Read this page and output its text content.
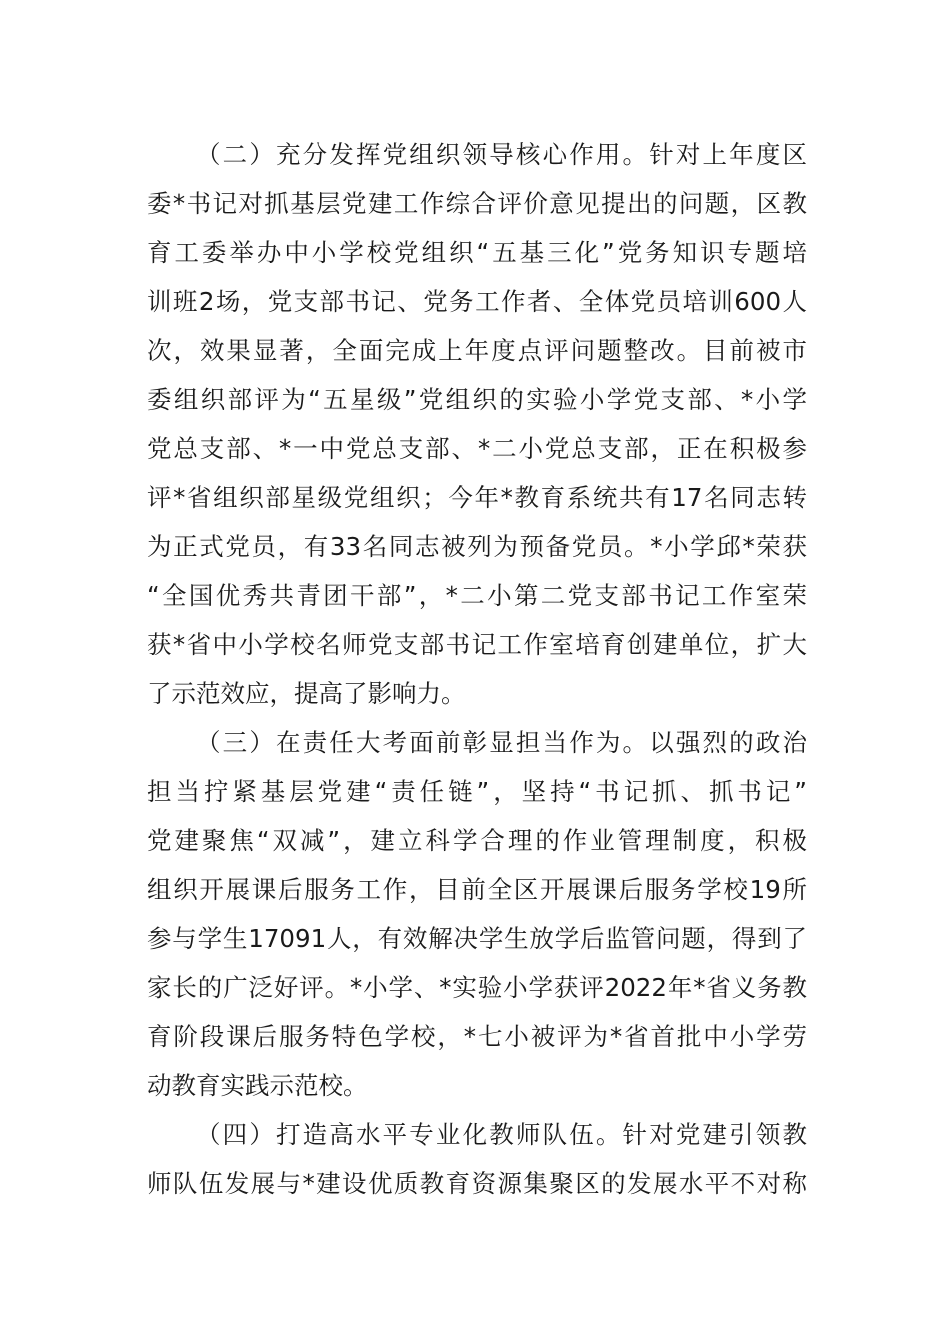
（二）充分发挥党组织领导核心作用。针对上年度区
委*书记对抓基层党建工作综合评价意见提出的问题，区教
育工委举办中小学校党组织“五基三化”党务知识专题培
训班2场，党支部书记、党务工作者、全体党员培训600人
次，效果显著，全面完成上年度点评问题整改。目前被市
委组织部评为“五星级”党组织的实验小学党支部、*小学
党总支部、*一中党总支部、*二小党总支部，正在积极参
评*省组织部星级党组织；今年*教育系统共有17名同志转
为正式党员，有33名同志被列为预备党员。*小学邱*荣获
“全国优秀共青团干部”，*二小第二党支部书记工作室荣
获*省中小学校名师党支部书记工作室培育创建单位，扩大
了示范效应，提高了影响力。
（三）在责任大考面前彰显担当作为。以强烈的政治
担当拧紧基层党建“责任链”，坚持“书记抓、抓书记”
党建聚焦“双减”，建立科学合理的作业管理制度，积极
组织开展课后服务工作，目前全区开展课后服务学校19所
参与学生17091人，有效解决学生放学后监管问题，得到了
家长的广泛好评。*小学、*实验小学获评2022年*省义务教
育阶段课后服务特色学校，*七小被评为*省首批中小学劳
动教育实践示范校。
（四）打造高水平专业化教师队伍。针对党建引领教
师队伍发展与*建设优质教育资源集聚区的发展水平不对称
